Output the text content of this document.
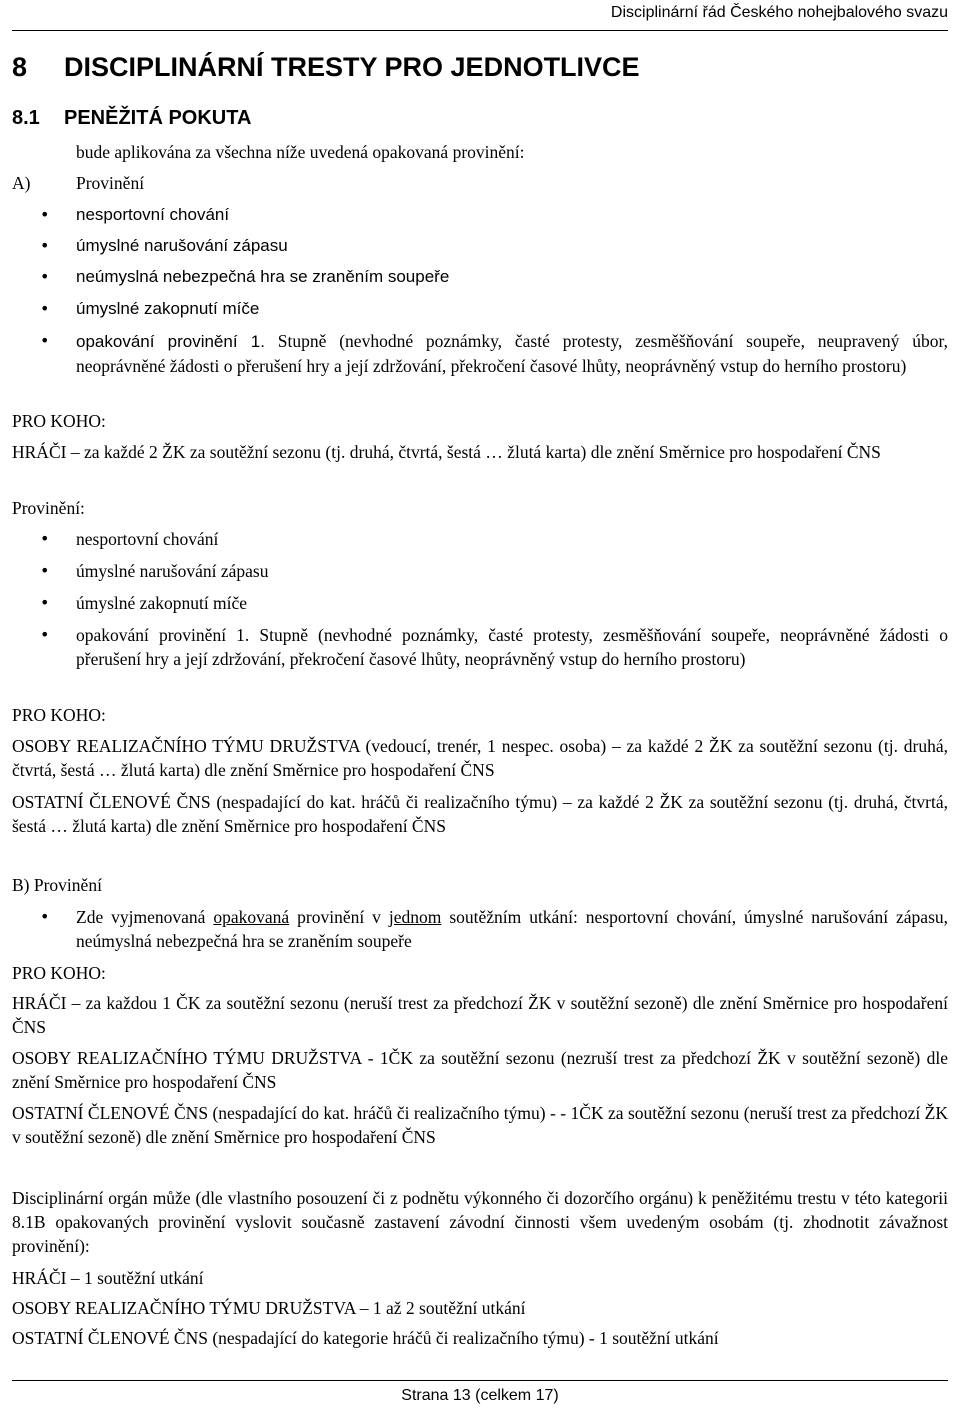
Disciplinární řád Českého nohejbalového svazu
8 DISCIPLINÁRNÍ TRESTY PRO JEDNOTLIVCE
8.1 PENĚŽITÁ POKUTA
bude aplikována za všechna níže uvedená opakovaná provinění:
A)	Provinění
• nesportovní chování
• úmyslné narušování zápasu
• neúmyslná nebezpečná hra se zraněním soupeře
• úmyslné zakopnutí míče
• opakování provinění 1. Stupně (nevhodné poznámky, časté protesty, zesměšňování soupeře, neupravený úbor, neoprávněné žádosti o přerušení hry a její zdržování, překročení časové lhůty, neoprávněný vstup do herního prostoru)
PRO KOHO:
HRÁČI – za každé 2 ŽK za soutěžní sezonu (tj. druhá, čtvrtá, šestá … žlutá karta) dle znění Směrnice pro hospodaření ČNS
Provinění:
• nesportovní chování
• úmyslné narušování zápasu
• úmyslné zakopnutí míče
• opakování provinění 1. Stupně (nevhodné poznámky, časté protesty, zesměšňování soupeře, neoprávněné žádosti o přerušení hry a její zdržování, překročení časové lhůty, neoprávněný vstup do herního prostoru)
PRO KOHO:
OSOBY REALIZAČNÍHO TÝMU DRUŽSTVA (vedoucí, trenér, 1 nespec. osoba) – za každé 2 ŽK za soutěžní sezonu (tj. druhá, čtvrtá, šestá … žlutá karta) dle znění Směrnice pro hospodaření ČNS
OSTATNÍ ČLENOVÉ ČNS (nespadající do kat. hráčů či realizačního týmu) – za každé 2 ŽK za soutěžní sezonu (tj. druhá, čtvrtá, šestá … žlutá karta) dle znění Směrnice pro hospodaření ČNS
B) Provinění
• Zde vyjmenovaná opakovaná provinění v jednom soutěžním utkání: nesportovní chování, úmyslné narušování zápasu, neúmyslná nebezpečná hra se zraněním soupeře
PRO KOHO:
HRÁČI – za každou 1 ČK za soutěžní sezonu (neruší trest za předchozí ŽK v soutěžní sezoně) dle znění Směrnice pro hospodaření ČNS
OSOBY REALIZAČNÍHO TÝMU DRUŽSTVA - 1ČK za soutěžní sezonu (nezruší trest za předchozí ŽK v soutěžní sezoně) dle znění Směrnice pro hospodaření ČNS
OSTATNÍ ČLENOVÉ ČNS (nespadající do kat. hráčů či realizačního týmu) - - 1ČK za soutěžní sezonu (neruší trest za předchozí ŽK v soutěžní sezoně) dle znění Směrnice pro hospodaření ČNS
Disciplinární orgán může (dle vlastního posouzení či z podnětu výkonného či dozorčího orgánu) k peněžitému trestu v této kategorii 8.1B opakovaných provinění vyslovit současně zastavení závodní činnosti všem uvedeným osobám (tj. zhodnotit závažnost provinění):
HRÁČI – 1 soutěžní utkání
OSOBY REALIZAČNÍHO TÝMU DRUŽSTVA – 1 až 2 soutěžní utkání
OSTATNÍ ČLENOVÉ ČNS (nespadající do kategorie hráčů či realizačního týmu) - 1 soutěžní utkání
Strana 13 (celkem 17)
